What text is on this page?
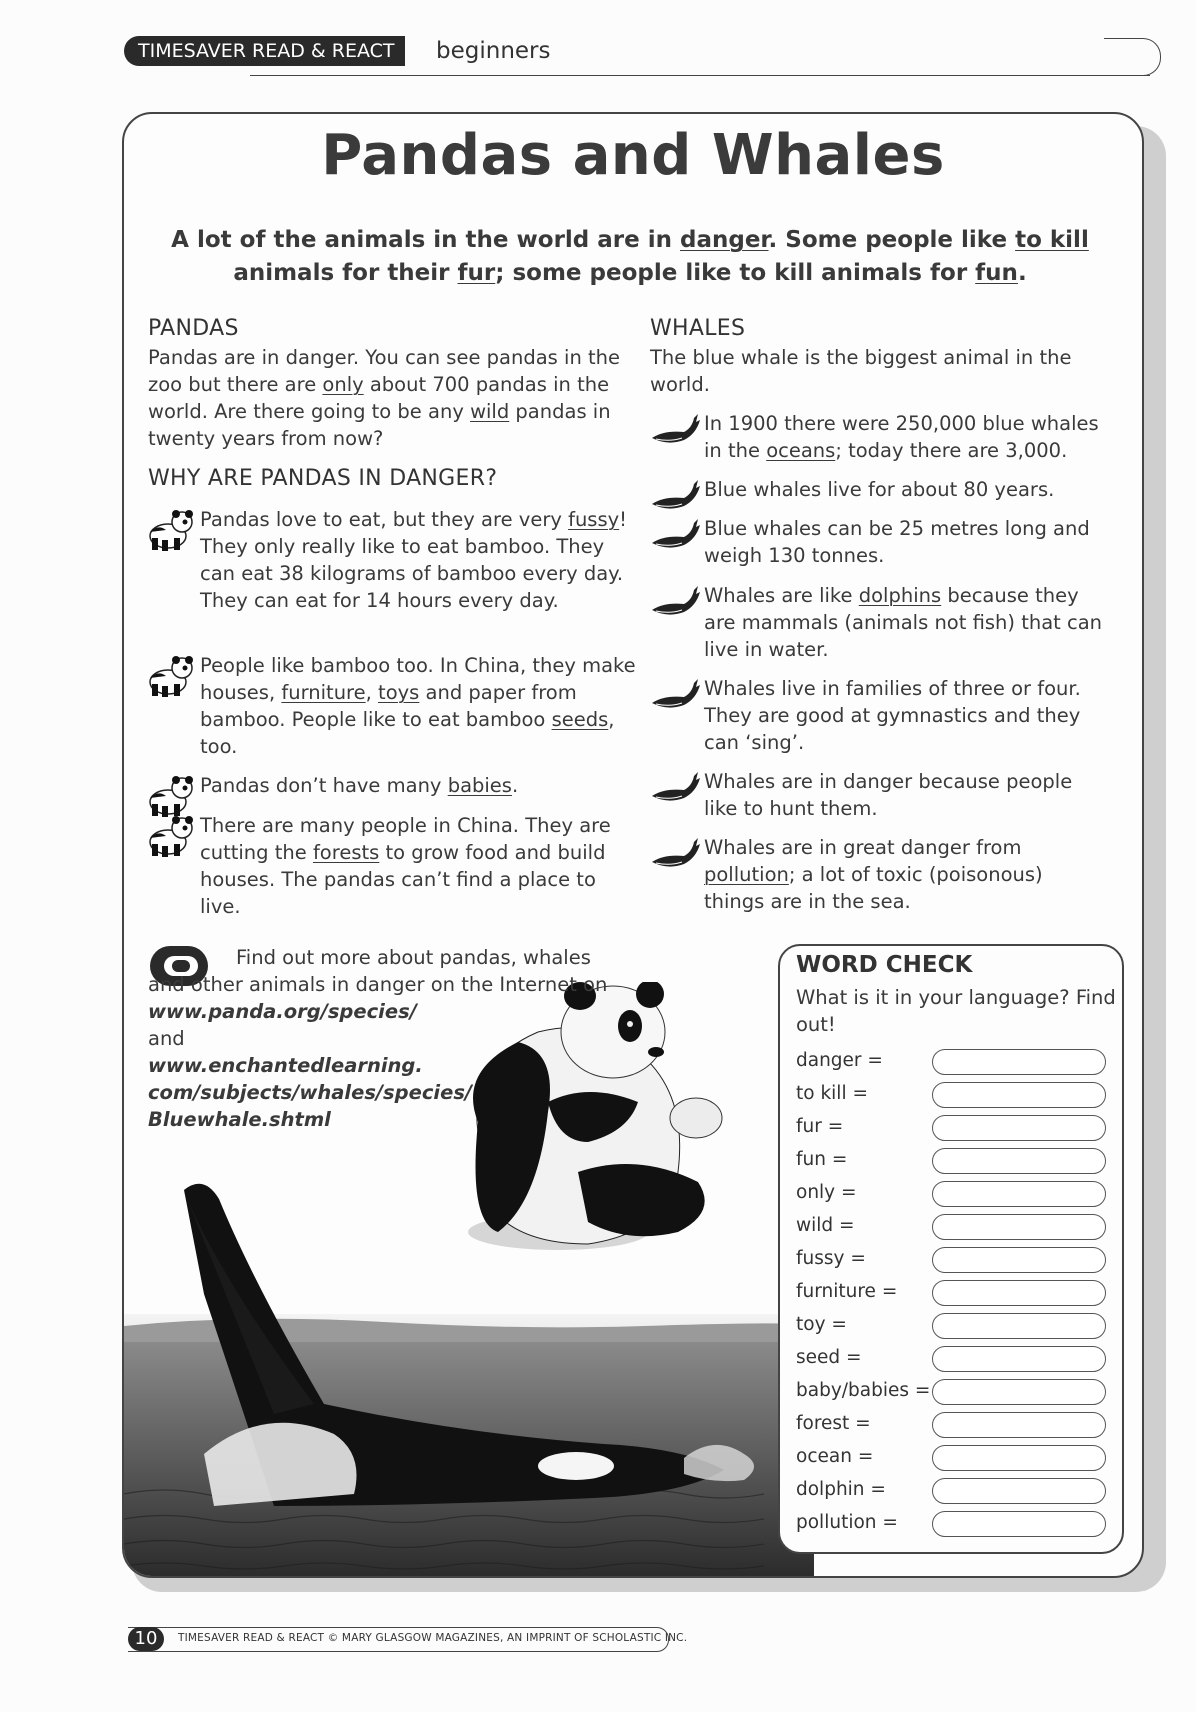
TIMESAVER READ & REACT	beginners
Pandas and Whales
A lot of the animals in the world are in danger. Some people like to kill animals for their fur; some people like to kill animals for fun.
PANDAS
Pandas are in danger. You can see pandas in the zoo but there are only about 700 pandas in the world. Are there going to be any wild pandas in twenty years from now?
WHY ARE PANDAS IN DANGER?
Pandas love to eat, but they are very fussy! They only really like to eat bamboo. They can eat 38 kilograms of bamboo every day. They can eat for 14 hours every day.
People like bamboo too. In China, they make houses, furniture, toys and paper from bamboo. People like to eat bamboo seeds, too.
Pandas don’t have many babies.
There are many people in China. They are cutting the forests to grow food and build houses. The pandas can’t find a place to live.
WHALES
The blue whale is the biggest animal in the world.
In 1900 there were 250,000 blue whales in the oceans; today there are 3,000.
Blue whales live for about 80 years.
Blue whales can be 25 metres long and weigh 130 tonnes.
Whales are like dolphins because they are mammals (animals not fish) that can live in water.
Whales live in families of three or four. They are good at gymnastics and they can ‘sing’.
Whales are in danger because people like to hunt them.
Whales are in great danger from pollution; a lot of toxic (poisonous) things are in the sea.
Find out more about pandas, whales and other animals in danger on the Internet on
www.panda.org/species/
and
www.enchantedlearning.
com/subjects/whales/species/
Bluewhale.shtml
WORD CHECK
What is it in your language? Find out!
danger =
to kill =
fur =
fun =
only =
wild =
fussy =
furniture =
toy =
seed =
baby/babies =
forest =
ocean =
dolphin =
pollution =
10	TIMESAVER READ & REACT © MARY GLASGOW MAGAZINES, AN IMPRINT OF SCHOLASTIC INC.
